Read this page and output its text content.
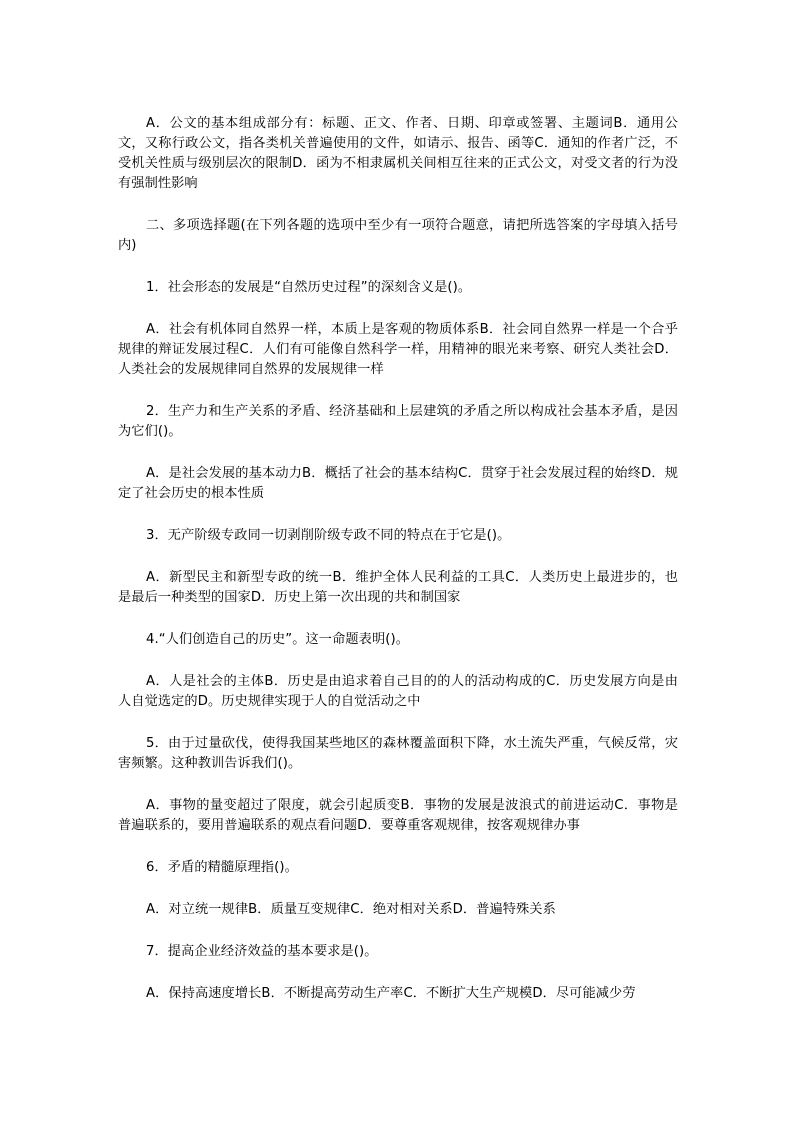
A．公文的基本组成部分有：标题、正文、作者、日期、印章或签署、主题词B．通用公文，又称行政公文，指各类机关普遍使用的文件，如请示、报告、函等C．通知的作者广泛，不受机关性质与级别层次的限制D．函为不相隶属机关间相互往来的正式公文，对受文者的行为没有强制性影响

二、多项选择题(在下列各题的选项中至少有一项符合题意，请把所选答案的字母填入括号内)

1．社会形态的发展是“自然历史过程”的深刻含义是()。

A．社会有机体同自然界一样，本质上是客观的物质体系B．社会同自然界一样是一个合乎规律的辩证发展过程C．人们有可能像自然科学一样，用精神的眼光来考察、研究人类社会D．人类社会的发展规律同自然界的发展规律一样

2．生产力和生产关系的矛盾、经济基础和上层建筑的矛盾之所以构成社会基本矛盾，是因为它们()。

A．是社会发展的基本动力B．概括了社会的基本结构C．贯穿于社会发展过程的始终D．规定了社会历史的根本性质

3．无产阶级专政同一切剥削阶级专政不同的特点在于它是()。

A．新型民主和新型专政的统一B．维护全体人民利益的工具C．人类历史上最进步的，也是最后一种类型的国家D．历史上第一次出现的共和制国家

4.“人们创造自己的历史”。这一命题表明()。

A．人是社会的主体B．历史是由追求着自己目的的人的活动构成的C．历史发展方向是由人自觉选定的D。历史规律实现于人的自觉活动之中

5．由于过量砍伐，使得我国某些地区的森林覆盖面积下降，水土流失严重，气候反常，灾害频繁。这种教训告诉我们()。

A．事物的量变超过了限度，就会引起质变B．事物的发展是波浪式的前进运动C．事物是普遍联系的，要用普遍联系的观点看问题D．要尊重客观规律，按客观规律办事

6．矛盾的精髓原理指()。

A．对立统一规律B．质量互变规律C．绝对相对关系D．普遍特殊关系

7．提高企业经济效益的基本要求是()。

A．保持高速度增长B．不断提高劳动生产率C．不断扩大生产规模D．尽可能减少劳
